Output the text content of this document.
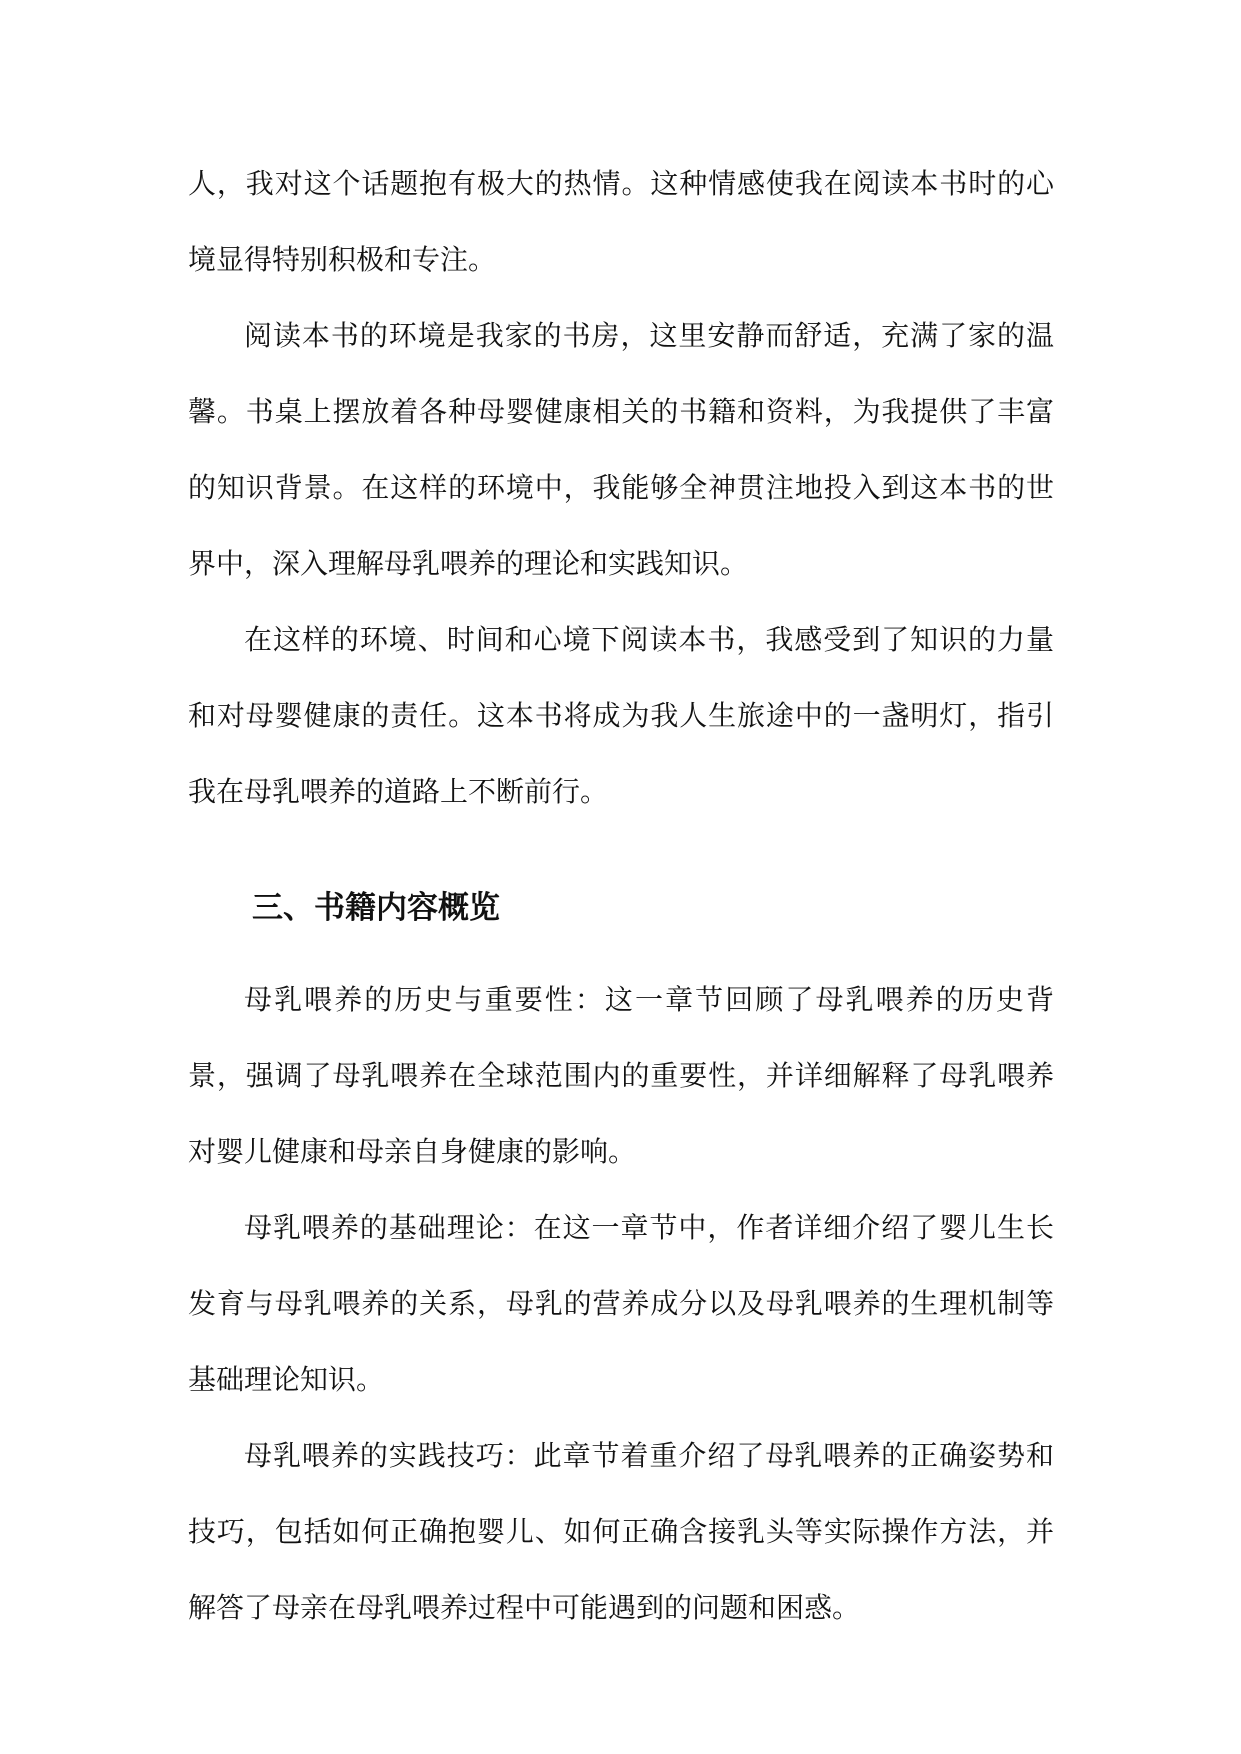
人，我对这个话题抱有极大的热情。这种情感使我在阅读本书时的心境显得特别积极和专注。

阅读本书的环境是我家的书房，这里安静而舒适，充满了家的温馨。书桌上摆放着各种母婴健康相关的书籍和资料，为我提供了丰富的知识背景。在这样的环境中，我能够全神贯注地投入到这本书的世界中，深入理解母乳喂养的理论和实践知识。

在这样的环境、时间和心境下阅读本书，我感受到了知识的力量和对母婴健康的责任。这本书将成为我人生旅途中的一盏明灯，指引我在母乳喂养的道路上不断前行。

三、书籍内容概览

母乳喂养的历史与重要性：这一章节回顾了母乳喂养的历史背景，强调了母乳喂养在全球范围内的重要性，并详细解释了母乳喂养对婴儿健康和母亲自身健康的影响。

母乳喂养的基础理论：在这一章节中，作者详细介绍了婴儿生长发育与母乳喂养的关系，母乳的营养成分以及母乳喂养的生理机制等基础理论知识。

母乳喂养的实践技巧：此章节着重介绍了母乳喂养的正确姿势和技巧，包括如何正确抱婴儿、如何正确含接乳头等实际操作方法，并解答了母亲在母乳喂养过程中可能遇到的问题和困惑。
